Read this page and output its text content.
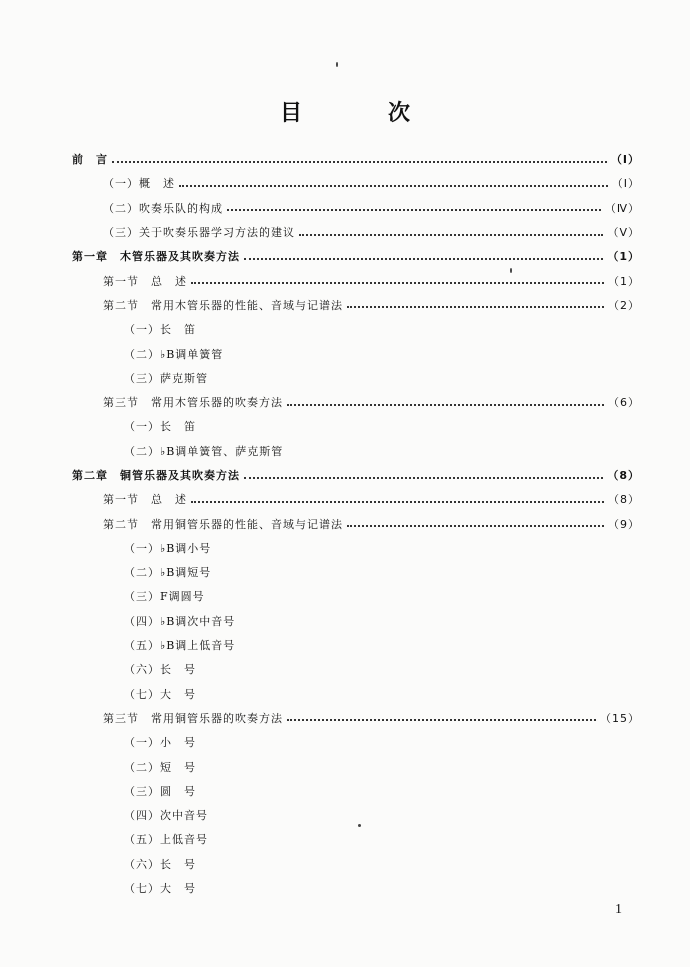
目	次
前　言	（Ⅰ）
（一）概　述	（Ⅰ）
（二）吹奏乐队的构成	（Ⅳ）
（三）关于吹奏乐器学习方法的建议	（Ⅴ）
第一章　木管乐器及其吹奏方法	（1）
第一节　总　述	（1）
第二节　常用木管乐器的性能、音域与记谱法	（2）
（一）长　笛
（二）♭B调单簧管
（三）萨克斯管
第三节　常用木管乐器的吹奏方法	（6）
（一）长　笛
（二）♭B调单簧管、萨克斯管
第二章　铜管乐器及其吹奏方法	（8）
第一节　总　述	（8）
第二节　常用铜管乐器的性能、音域与记谱法	（9）
（一）♭B调小号
（二）♭B调短号
（三）F调圆号
（四）♭B调次中音号
（五）♭B调上低音号
（六）长　号
（七）大　号
第三节　常用铜管乐器的吹奏方法	（15）
（一）小　号
（二）短　号
（三）圆　号
（四）次中音号
（五）上低音号
（六）长　号
（七）大　号
1
